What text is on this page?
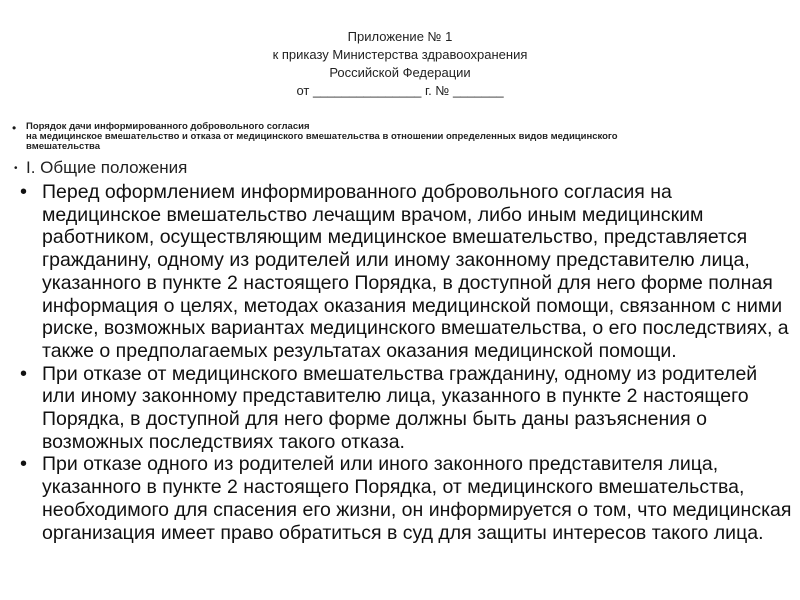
Приложение № 1
к приказу Министерства здравоохранения
Российской Федерации
от _______________ г. № _______
• Порядок дачи информированного добровольного согласия
на медицинское вмешательство и отказа от медицинского вмешательства в отношении определенных видов медицинского
вмешательства
• I. Общие положения
• Перед оформлением информированного добровольного согласия на медицинское вмешательство лечащим врачом, либо иным медицинским работником, осуществляющим медицинское вмешательство, представляется гражданину, одному из родителей или иному законному представителю лица, указанного в пункте 2 настоящего Порядка, в доступной для него форме полная информация о целях, методах оказания медицинской помощи, связанном с ними риске, возможных вариантах медицинского вмешательства, о его последствиях, а также о предполагаемых результатах оказания медицинской помощи.
• При отказе от медицинского вмешательства гражданину, одному из родителей или иному законному представителю лица, указанного в пункте 2 настоящего Порядка, в доступной для него форме должны быть даны разъяснения о возможных последствиях такого отказа.
• При отказе одного из родителей или иного законного представителя лица, указанного в пункте 2 настоящего Порядка, от медицинского вмешательства, необходимого для спасения его жизни, он информируется о том, что медицинская организация имеет право обратиться в суд для защиты интересов такого лица.
